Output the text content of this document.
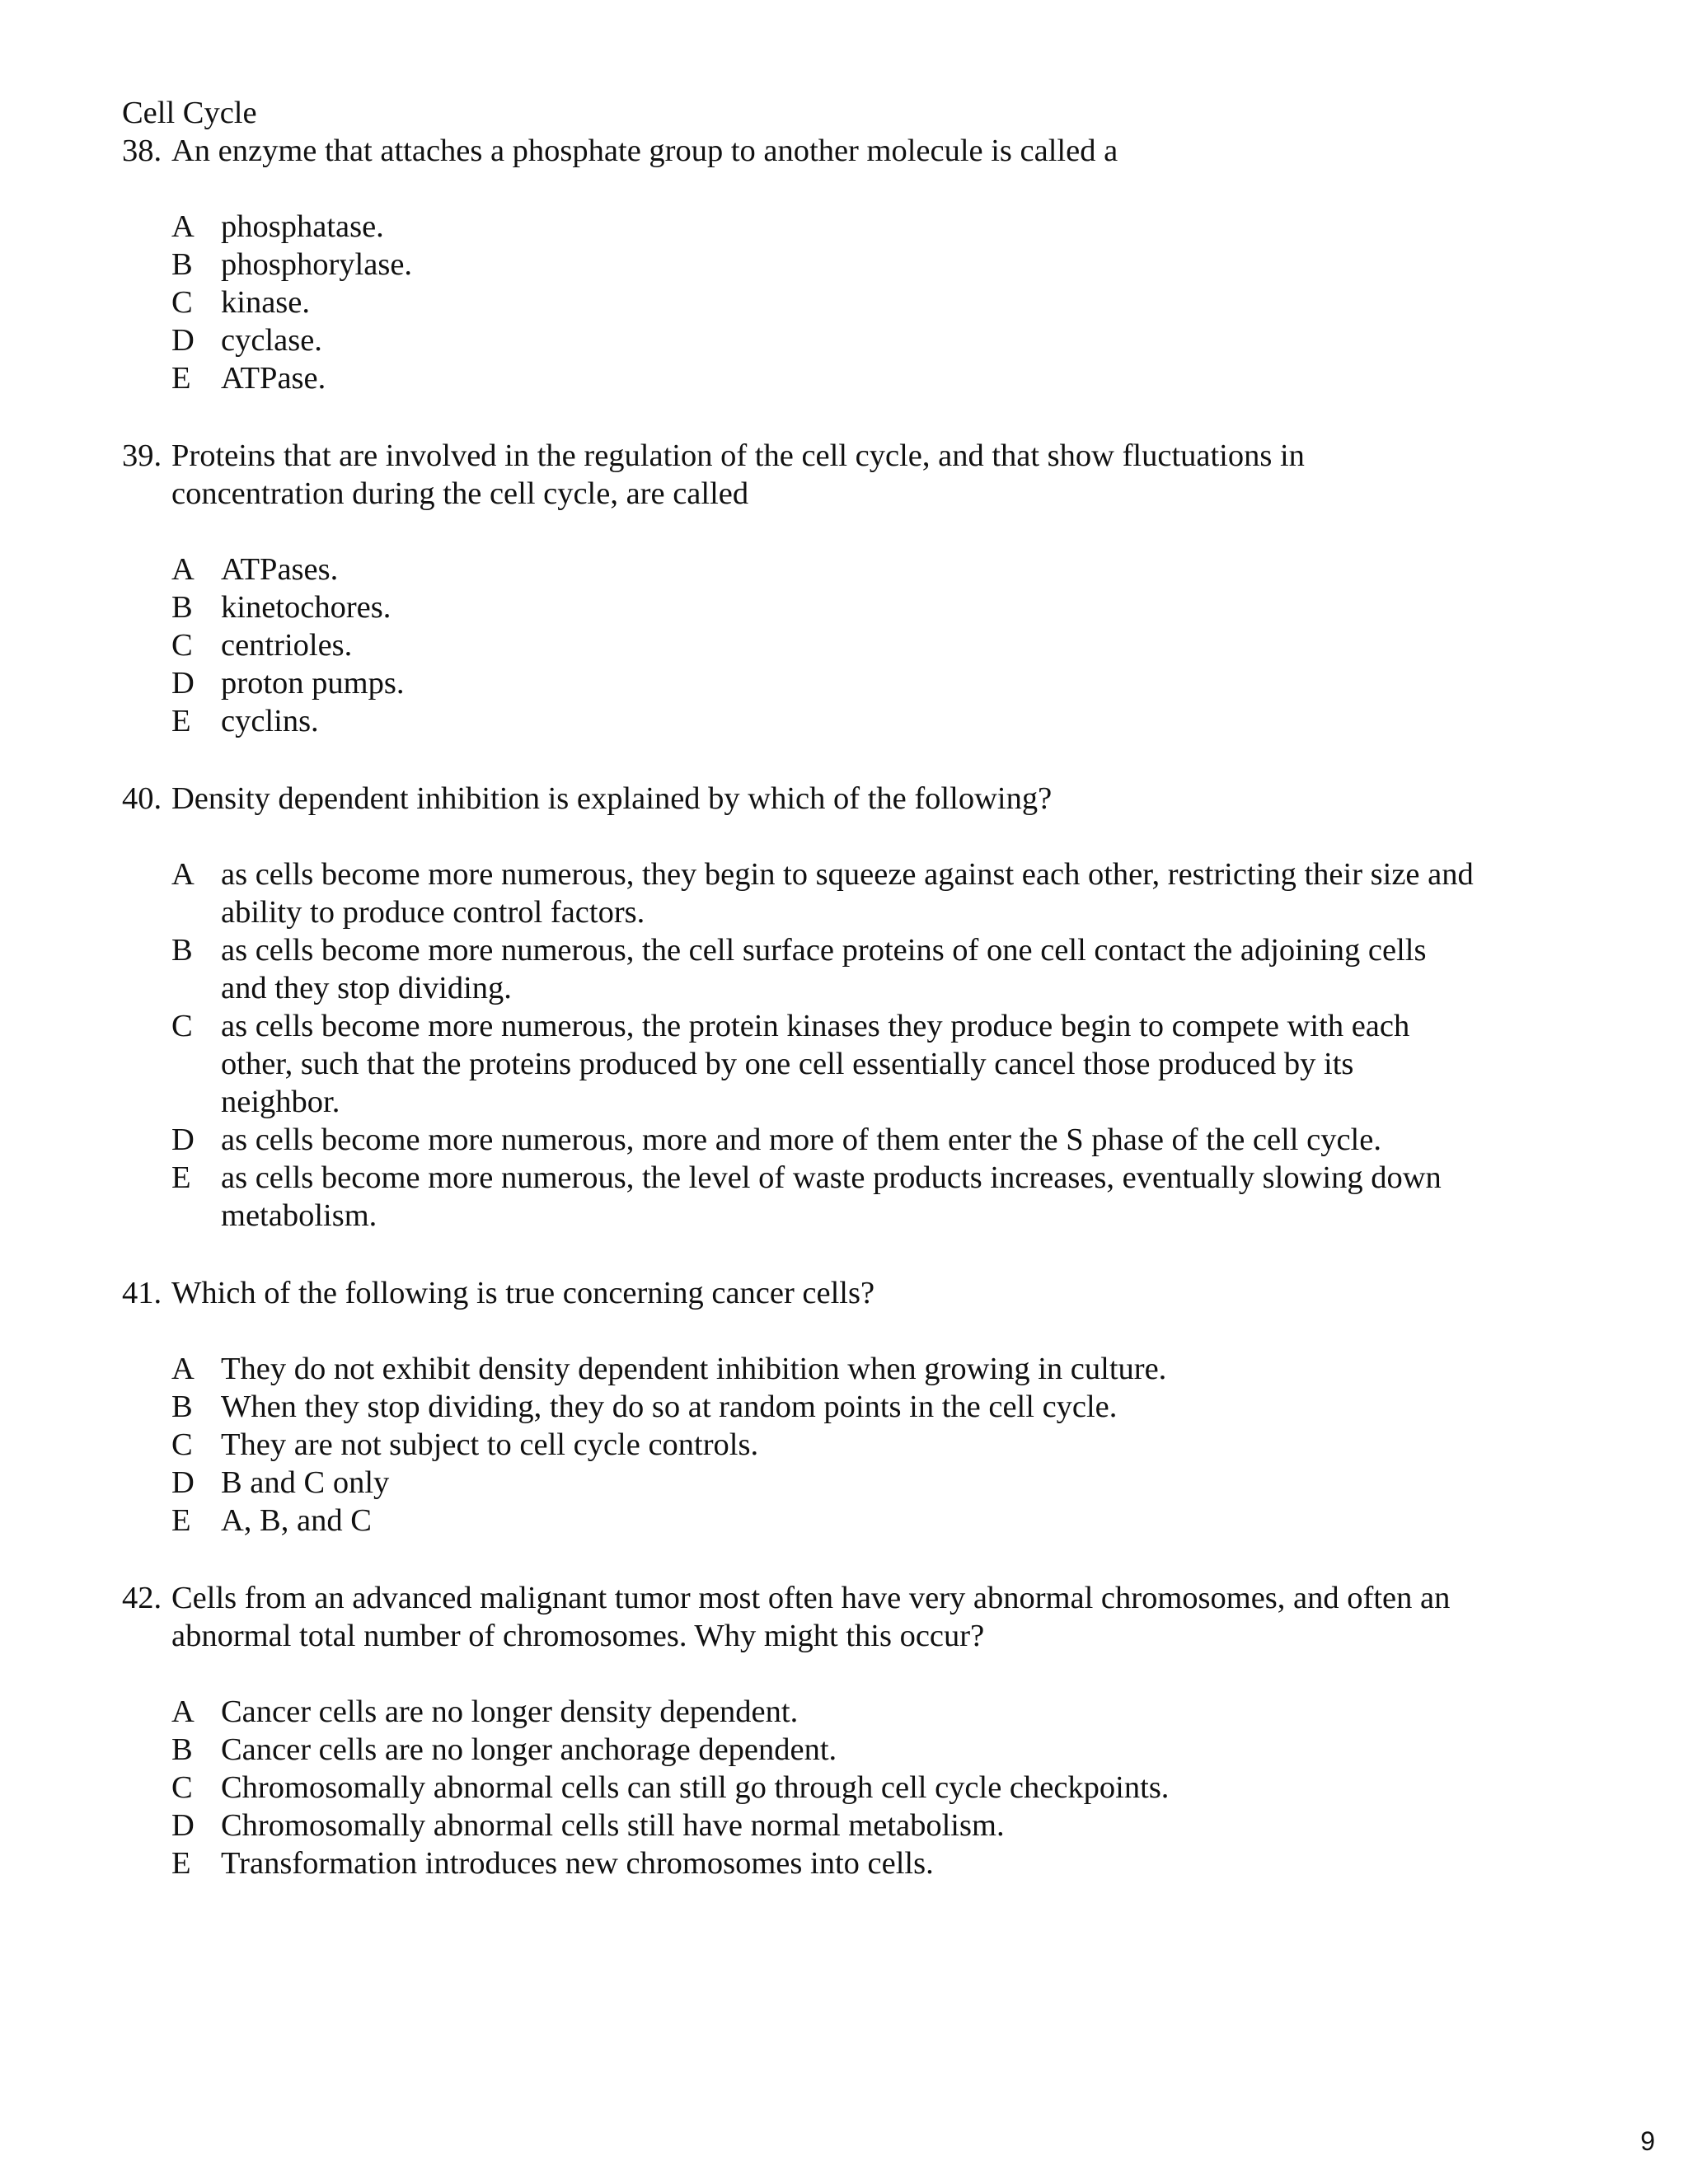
Cell Cycle
38. An enzyme that attaches a phosphate group to another molecule is called a
A phosphatase.
B phosphorylase.
C kinase.
D cyclase.
E ATPase.
39. Proteins that are involved in the regulation of the cell cycle, and that show fluctuations in concentration during the cell cycle, are called
A ATPases.
B kinetochores.
C centrioles.
D proton pumps.
E cyclins.
40. Density dependent inhibition is explained by which of the following?
A as cells become more numerous, they begin to squeeze against each other, restricting their size and ability to produce control factors.
B as cells become more numerous, the cell surface proteins of one cell contact the adjoining cells and they stop dividing.
C as cells become more numerous, the protein kinases they produce begin to compete with each other, such that the proteins produced by one cell essentially cancel those produced by its neighbor.
D as cells become more numerous, more and more of them enter the S phase of the cell cycle.
E as cells become more numerous, the level of waste products increases, eventually slowing down metabolism.
41. Which of the following is true concerning cancer cells?
A They do not exhibit density dependent inhibition when growing in culture.
B When they stop dividing, they do so at random points in the cell cycle.
C They are not subject to cell cycle controls.
D B and C only
E A, B, and C
42. Cells from an advanced malignant tumor most often have very abnormal chromosomes, and often an abnormal total number of chromosomes. Why might this occur?
A Cancer cells are no longer density dependent.
B Cancer cells are no longer anchorage dependent.
C Chromosomally abnormal cells can still go through cell cycle checkpoints.
D Chromosomally abnormal cells still have normal metabolism.
E Transformation introduces new chromosomes into cells.
9
